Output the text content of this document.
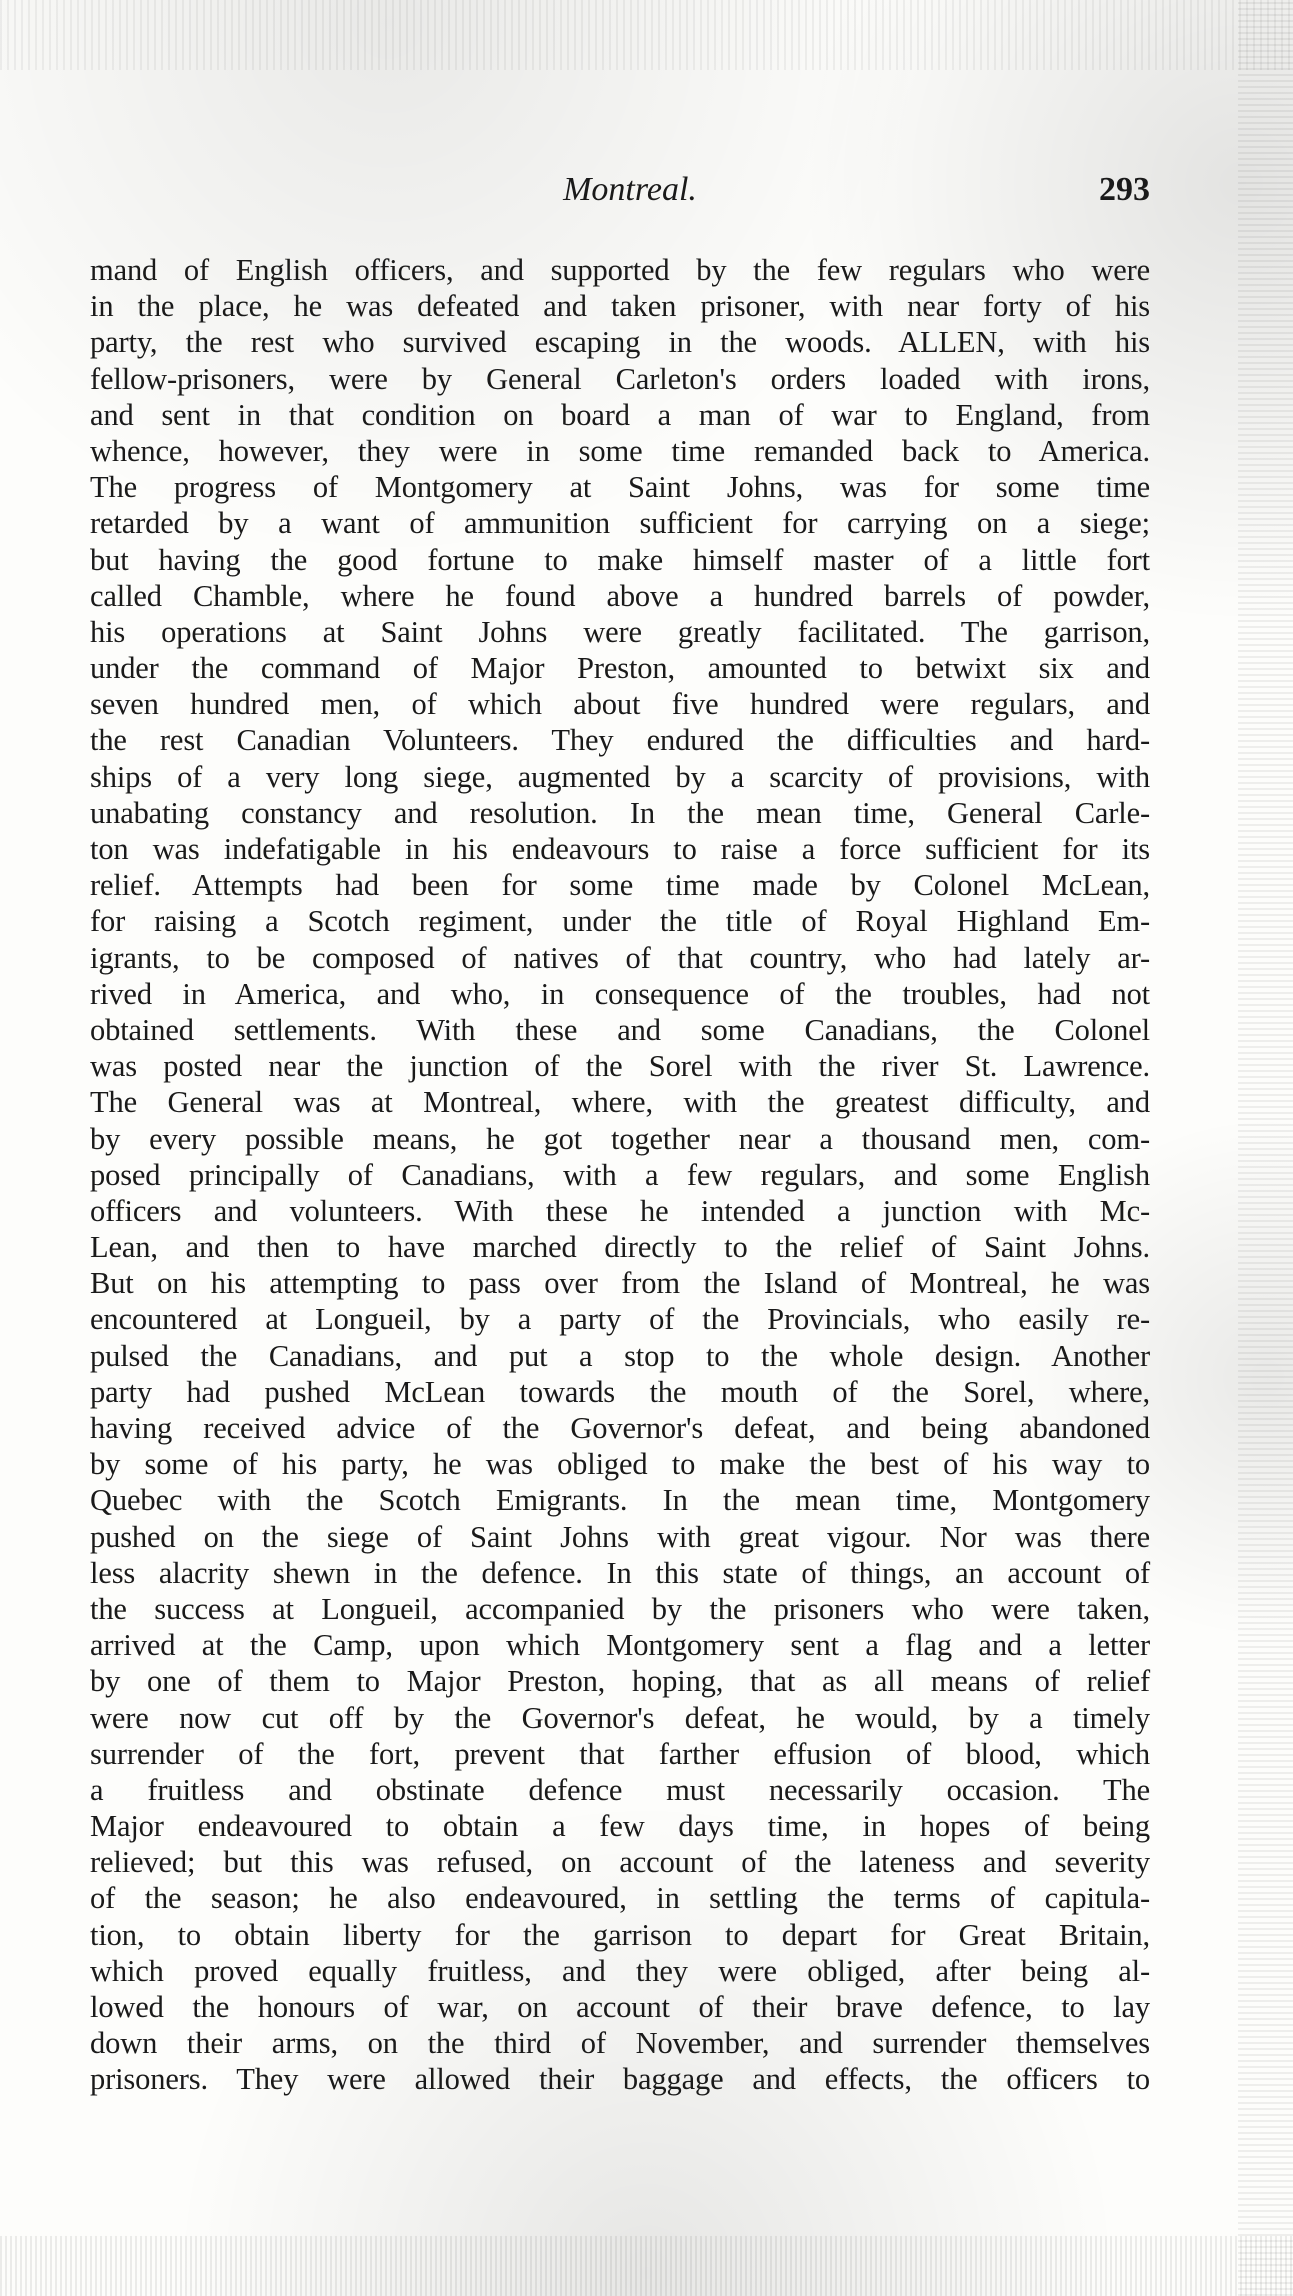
Montreal.	293
mand of English officers, and supported by the few regulars who were
in the place, he was defeated and taken prisoner, with near forty of his
party, the rest who survived escaping in the woods. ALLEN, with his
fellow-prisoners, were by General Carleton's orders loaded with irons,
and sent in that condition on board a man of war to England, from
whence, however, they were in some time remanded back to America.
The progress of Montgomery at Saint Johns, was for some time
retarded by a want of ammunition sufficient for carrying on a siege;
but having the good fortune to make himself master of a little fort
called Chamble, where he found above a hundred barrels of powder,
his operations at Saint Johns were greatly facilitated. The garrison,
under the command of Major Preston, amounted to betwixt six and
seven hundred men, of which about five hundred were regulars, and
the rest Canadian Volunteers. They endured the difficulties and hard-
ships of a very long siege, augmented by a scarcity of provisions, with
unabating constancy and resolution. In the mean time, General Carle-
ton was indefatigable in his endeavours to raise a force sufficient for its
relief. Attempts had been for some time made by Colonel McLean,
for raising a Scotch regiment, under the title of Royal Highland Em-
igrants, to be composed of natives of that country, who had lately ar-
rived in America, and who, in consequence of the troubles, had not
obtained settlements. With these and some Canadians, the Colonel
was posted near the junction of the Sorel with the river St. Lawrence.
The General was at Montreal, where, with the greatest difficulty, and
by every possible means, he got together near a thousand men, com-
posed principally of Canadians, with a few regulars, and some English
officers and volunteers. With these he intended a junction with Mc-
Lean, and then to have marched directly to the relief of Saint Johns.
But on his attempting to pass over from the Island of Montreal, he was
encountered at Longueil, by a party of the Provincials, who easily re-
pulsed the Canadians, and put a stop to the whole design. Another
party had pushed McLean towards the mouth of the Sorel, where,
having received advice of the Governor's defeat, and being abandoned
by some of his party, he was obliged to make the best of his way to
Quebec with the Scotch Emigrants. In the mean time, Montgomery
pushed on the siege of Saint Johns with great vigour. Nor was there
less alacrity shewn in the defence. In this state of things, an account of
the success at Longueil, accompanied by the prisoners who were taken,
arrived at the Camp, upon which Montgomery sent a flag and a letter
by one of them to Major Preston, hoping, that as all means of relief
were now cut off by the Governor's defeat, he would, by a timely
surrender of the fort, prevent that farther effusion of blood, which
a fruitless and obstinate defence must necessarily occasion. The
Major endeavoured to obtain a few days time, in hopes of being
relieved; but this was refused, on account of the lateness and severity
of the season; he also endeavoured, in settling the terms of capitula-
tion, to obtain liberty for the garrison to depart for Great Britain,
which proved equally fruitless, and they were obliged, after being al-
lowed the honours of war, on account of their brave defence, to lay
down their arms, on the third of November, and surrender themselves
prisoners. They were allowed their baggage and effects, the officers to
